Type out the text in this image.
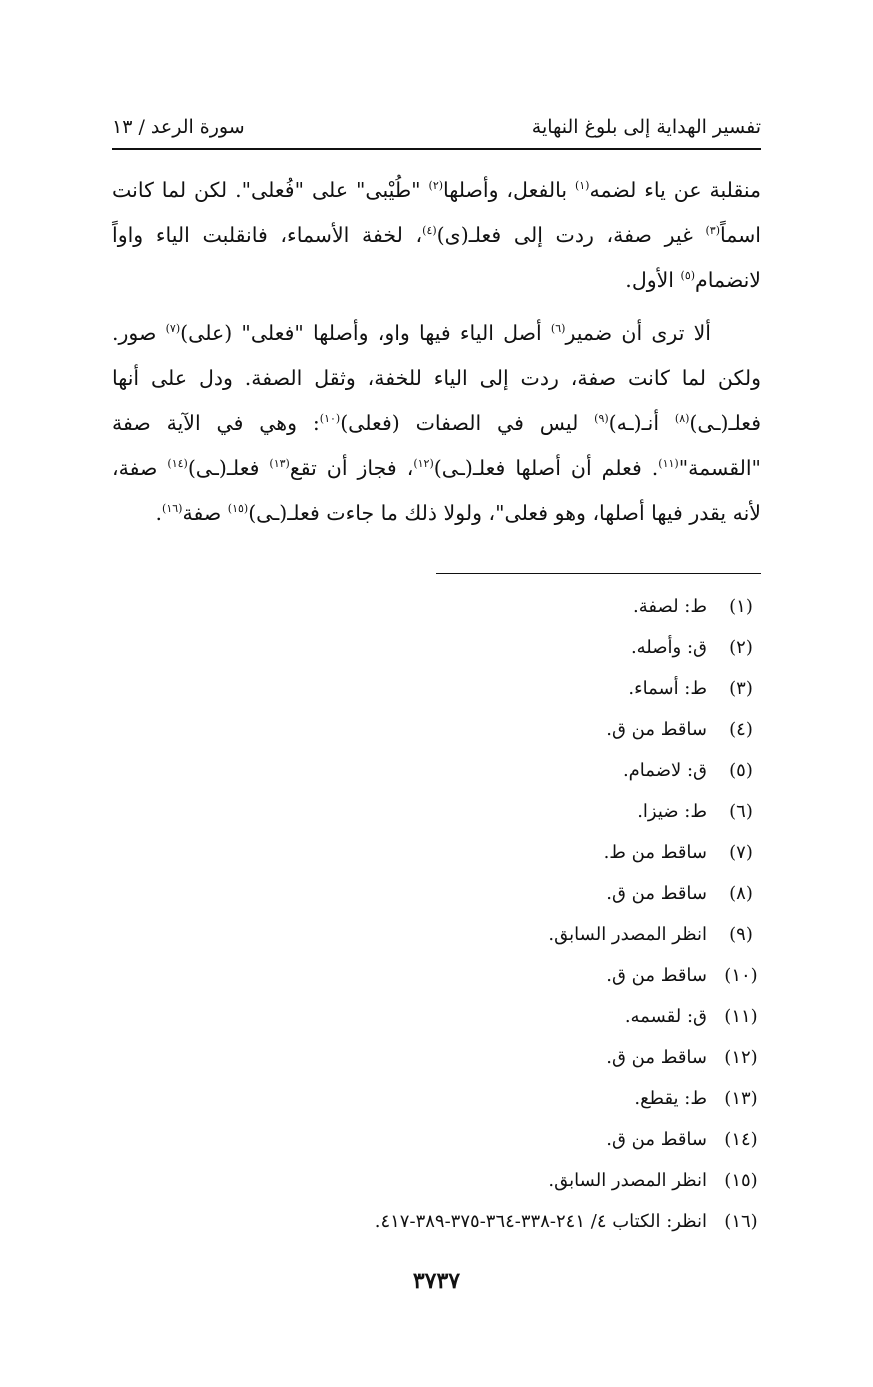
تفسير الهداية إلى بلوغ النهاية
سورة الرعد / ١٣

منقلبة عن ياء لضمه$^{(١)}$ بالفعل، وأصلها$^{(٢)}$ "طُيْبى" على "فُعلى". لكن لما كانت اسماً$^{(٣)}$ غير صفة، ردت إلى فعلـ(ى)$^{(٤)}$، لخفة الأسماء، فانقلبت الياء واواً لانضمام$^{(٥)}$ الأول.

ألا ترى أن ضمير$^{(٦)}$ أصل الياء فيها واو، وأصلها "فعلى" (على)$^{(٧)}$ صور. ولكن لما كانت صفة، ردت إلى الياء للخفة، وثقل الصفة. ودل على أنها فعلـ(ـى)$^{(٨)}$ أنـ(ـه)$^{(٩)}$ ليس في الصفات (فعلى)$^{(١٠)}$: وهي في الآية صفة "القسمة"$^{(١١)}$. فعلم أن أصلها فعلـ(ـى)$^{(١٢)}$، فجاز أن تقع$^{(١٣)}$ فعلـ(ـى)$^{(١٤)}$ صفة، لأنه يقدر فيها أصلها، وهو فعلى"، ولولا ذلك ما جاءت فعلـ(ـى)$^{(١٥)}$ صفة$^{(١٦)}$.

(١)
ط: لصفة.
(٢)
ق: وأصله.
(٣)
ط: أسماء.
(٤)
ساقط من ق.
(٥)
ق: لاضمام.
(٦)
ط: ضيزا.
(٧)
ساقط من ط.
(٨)
ساقط من ق.
(٩)
انظر المصدر السابق.
(١٠)
ساقط من ق.
(١١)
ق: لقسمه.
(١٢)
ساقط من ق.
(١٣)
ط: يقطع.
(١٤)
ساقط من ق.
(١٥)
انظر المصدر السابق.
(١٦)
انظر: الكتاب ٤/ ٢٤١-٣٣٨-٣٦٤-٣٧٥-٣٨٩-٤١٧.
٣٧٣٧
